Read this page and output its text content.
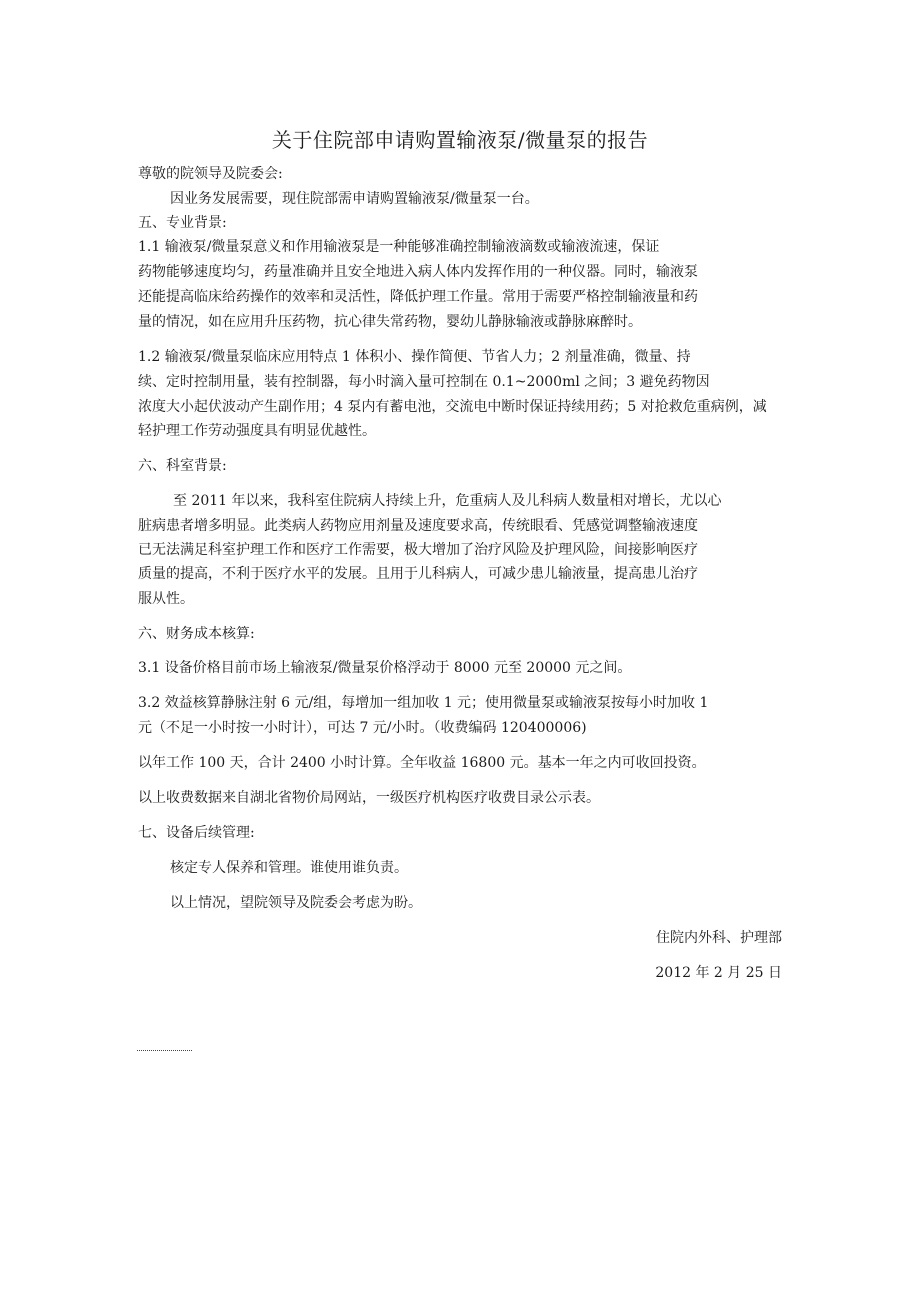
关于住院部申请购置输液泵/微量泵的报告
尊敬的院领导及院委会:
因业务发展需要，现住院部需申请购置输液泵/微量泵一台。
五、专业背景:
1.1 输液泵/微量泵意义和作用输液泵是一种能够准确控制输液滴数或输液流速，保证
药物能够速度均匀，药量准确并且安全地进入病人体内发挥作用的一种仪器。同时，输液泵
还能提高临床给药操作的效率和灵活性，降低护理工作量。常用于需要严格控制输液量和药
量的情况，如在应用升压药物，抗心律失常药物，婴幼儿静脉输液或静脉麻醉时。
1.2 输液泵/微量泵临床应用特点 1 体积小、操作简便、节省人力；2 剂量准确，微量、持
续、定时控制用量，装有控制器，每小时滴入量可控制在 0.1~2000ml 之间；3 避免药物因
浓度大小起伏波动产生副作用；4 泵内有蓄电池，交流电中断时保证持续用药；5 对抢救危重病例，减
轻护理工作劳动强度具有明显优越性。
六、科室背景:
至 2011 年以来，我科室住院病人持续上升，危重病人及儿科病人数量相对增长，尤以心
脏病患者增多明显。此类病人药物应用剂量及速度要求高，传统眼看、凭感觉调整输液速度
已无法满足科室护理工作和医疗工作需要，极大增加了治疗风险及护理风险，间接影响医疗
质量的提高，不利于医疗水平的发展。且用于儿科病人，可减少患儿输液量，提高患儿治疗
服从性。
六、财务成本核算:
3.1 设备价格目前市场上输液泵/微量泵价格浮动于 8000 元至 20000 元之间。
3.2 效益核算静脉注射 6 元/组，每增加一组加收 1 元；使用微量泵或输液泵按每小时加收 1
元（不足一小时按一小时计），可达 7 元/小时。（收费编码 120400006)
以年工作 100 天，合计 2400 小时计算。全年收益 16800 元。基本一年之内可收回投资。
以上收费数据来自湖北省物价局网站，一级医疗机构医疗收费目录公示表。
七、设备后续管理:
核定专人保养和管理。谁使用谁负责。
以上情况，望院领导及院委会考虑为盼。
住院内外科、护理部
2012 年 2 月 25 日
